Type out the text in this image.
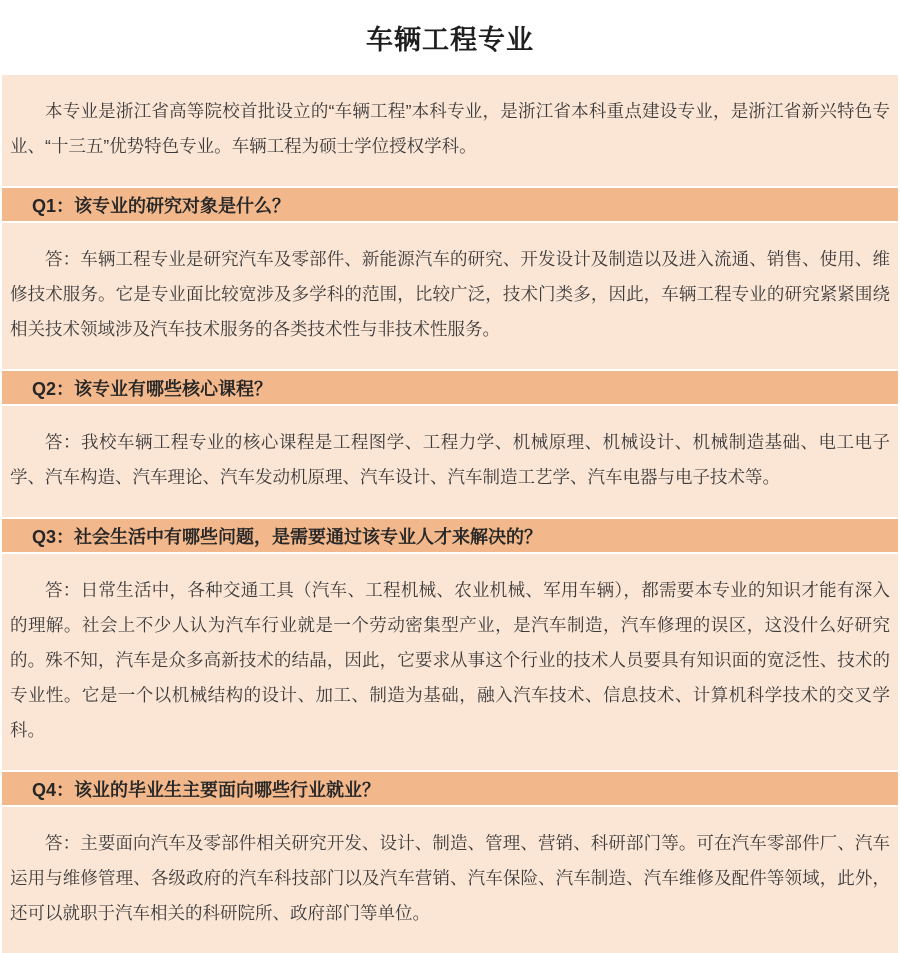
车辆工程专业

本专业是浙江省高等院校首批设立的“车辆工程”本科专业，是浙江省本科重点建设专业，是浙江省新兴特色专业、“十三五”优势特色专业。车辆工程为硕士学位授权学科。

Q1：该专业的研究对象是什么？

答：车辆工程专业是研究汽车及零部件、新能源汽车的研究、开发设计及制造以及进入流通、销售、使用、维修技术服务。它是专业面比较宽涉及多学科的范围，比较广泛，技术门类多，因此，车辆工程专业的研究紧紧围绕相关技术领域涉及汽车技术服务的各类技术性与非技术性服务。

Q2：该专业有哪些核心课程？

答：我校车辆工程专业的核心课程是工程图学、工程力学、机械原理、机械设计、机械制造基础、电工电子学、汽车构造、汽车理论、汽车发动机原理、汽车设计、汽车制造工艺学、汽车电器与电子技术等。

Q3：社会生活中有哪些问题，是需要通过该专业人才来解决的？

答：日常生活中，各种交通工具（汽车、工程机械、农业机械、军用车辆），都需要本专业的知识才能有深入的理解。社会上不少人认为汽车行业就是一个劳动密集型产业，是汽车制造，汽车修理的误区，这没什么好研究的。殊不知，汽车是众多高新技术的结晶，因此，它要求从事这个行业的技术人员要具有知识面的宽泛性、技术的专业性。它是一个以机械结构的设计、加工、制造为基础，融入汽车技术、信息技术、计算机科学技术的交叉学科。

Q4：该业的毕业生主要面向哪些行业就业？

答：主要面向汽车及零部件相关研究开发、设计、制造、管理、营销、科研部门等。可在汽车零部件厂、汽车运用与维修管理、各级政府的汽车科技部门以及汽车营销、汽车保险、汽车制造、汽车维修及配件等领域，此外，还可以就职于汽车相关的科研院所、政府部门等单位。
